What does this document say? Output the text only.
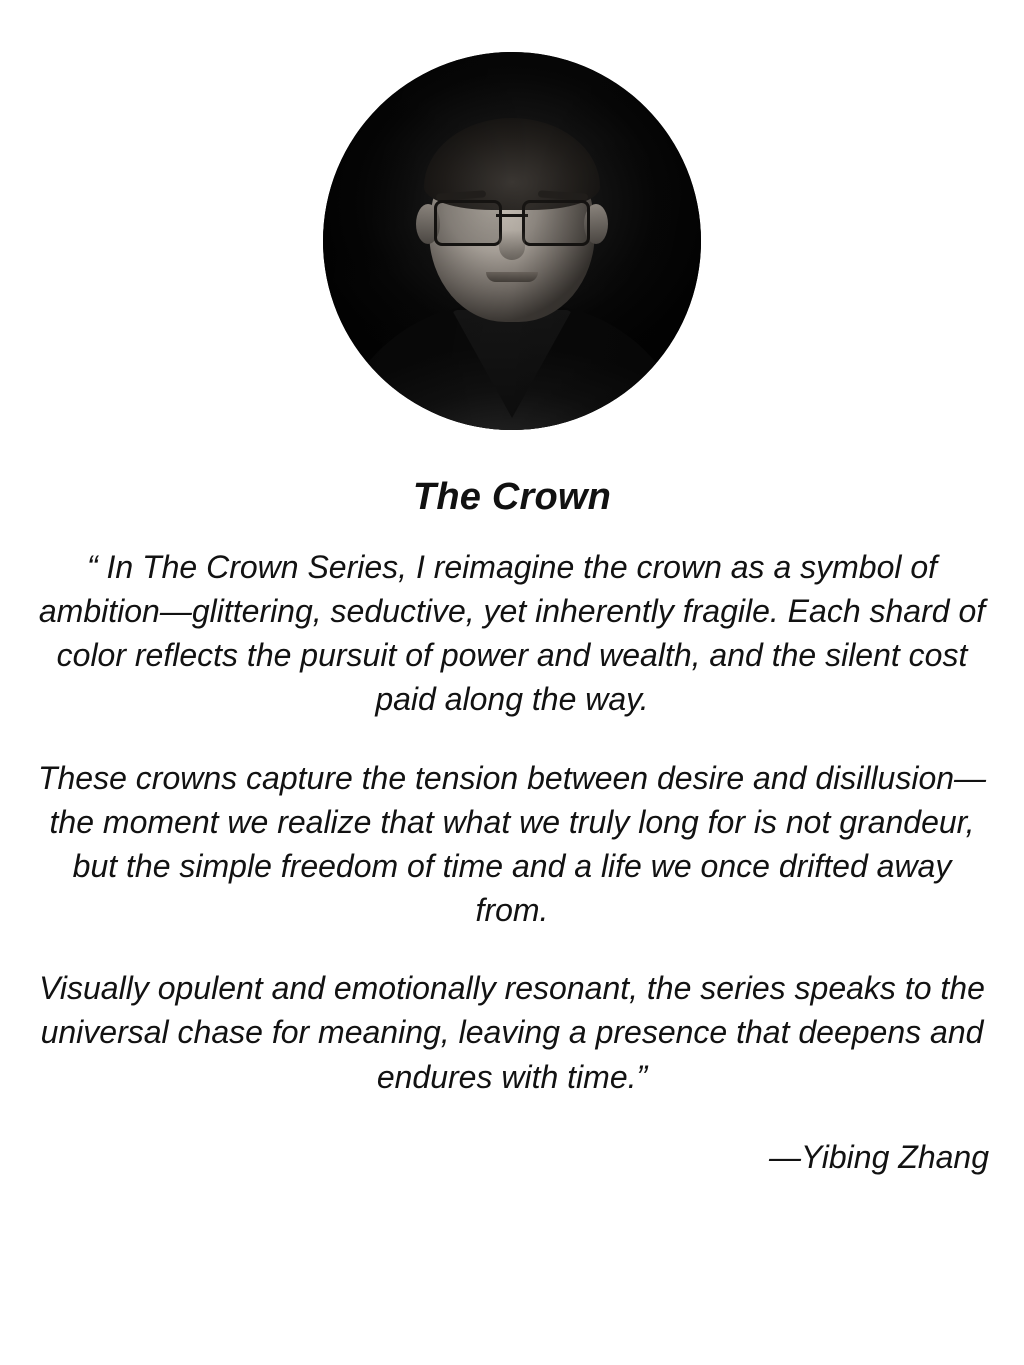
The Crown

“ In The Crown Series, I reimagine the crown as a symbol of ambition—glittering, seductive, yet inherently fragile. Each shard of color reflects the pursuit of power and wealth, and the silent cost paid along the way.

These crowns capture the tension between desire and disillusion—the moment we realize that what we truly long for is not grandeur, but the simple freedom of time and a life we once drifted away from.

Visually opulent and emotionally resonant, the series speaks to the universal chase for meaning, leaving a presence that deepens and endures with time.”

—Yibing Zhang
